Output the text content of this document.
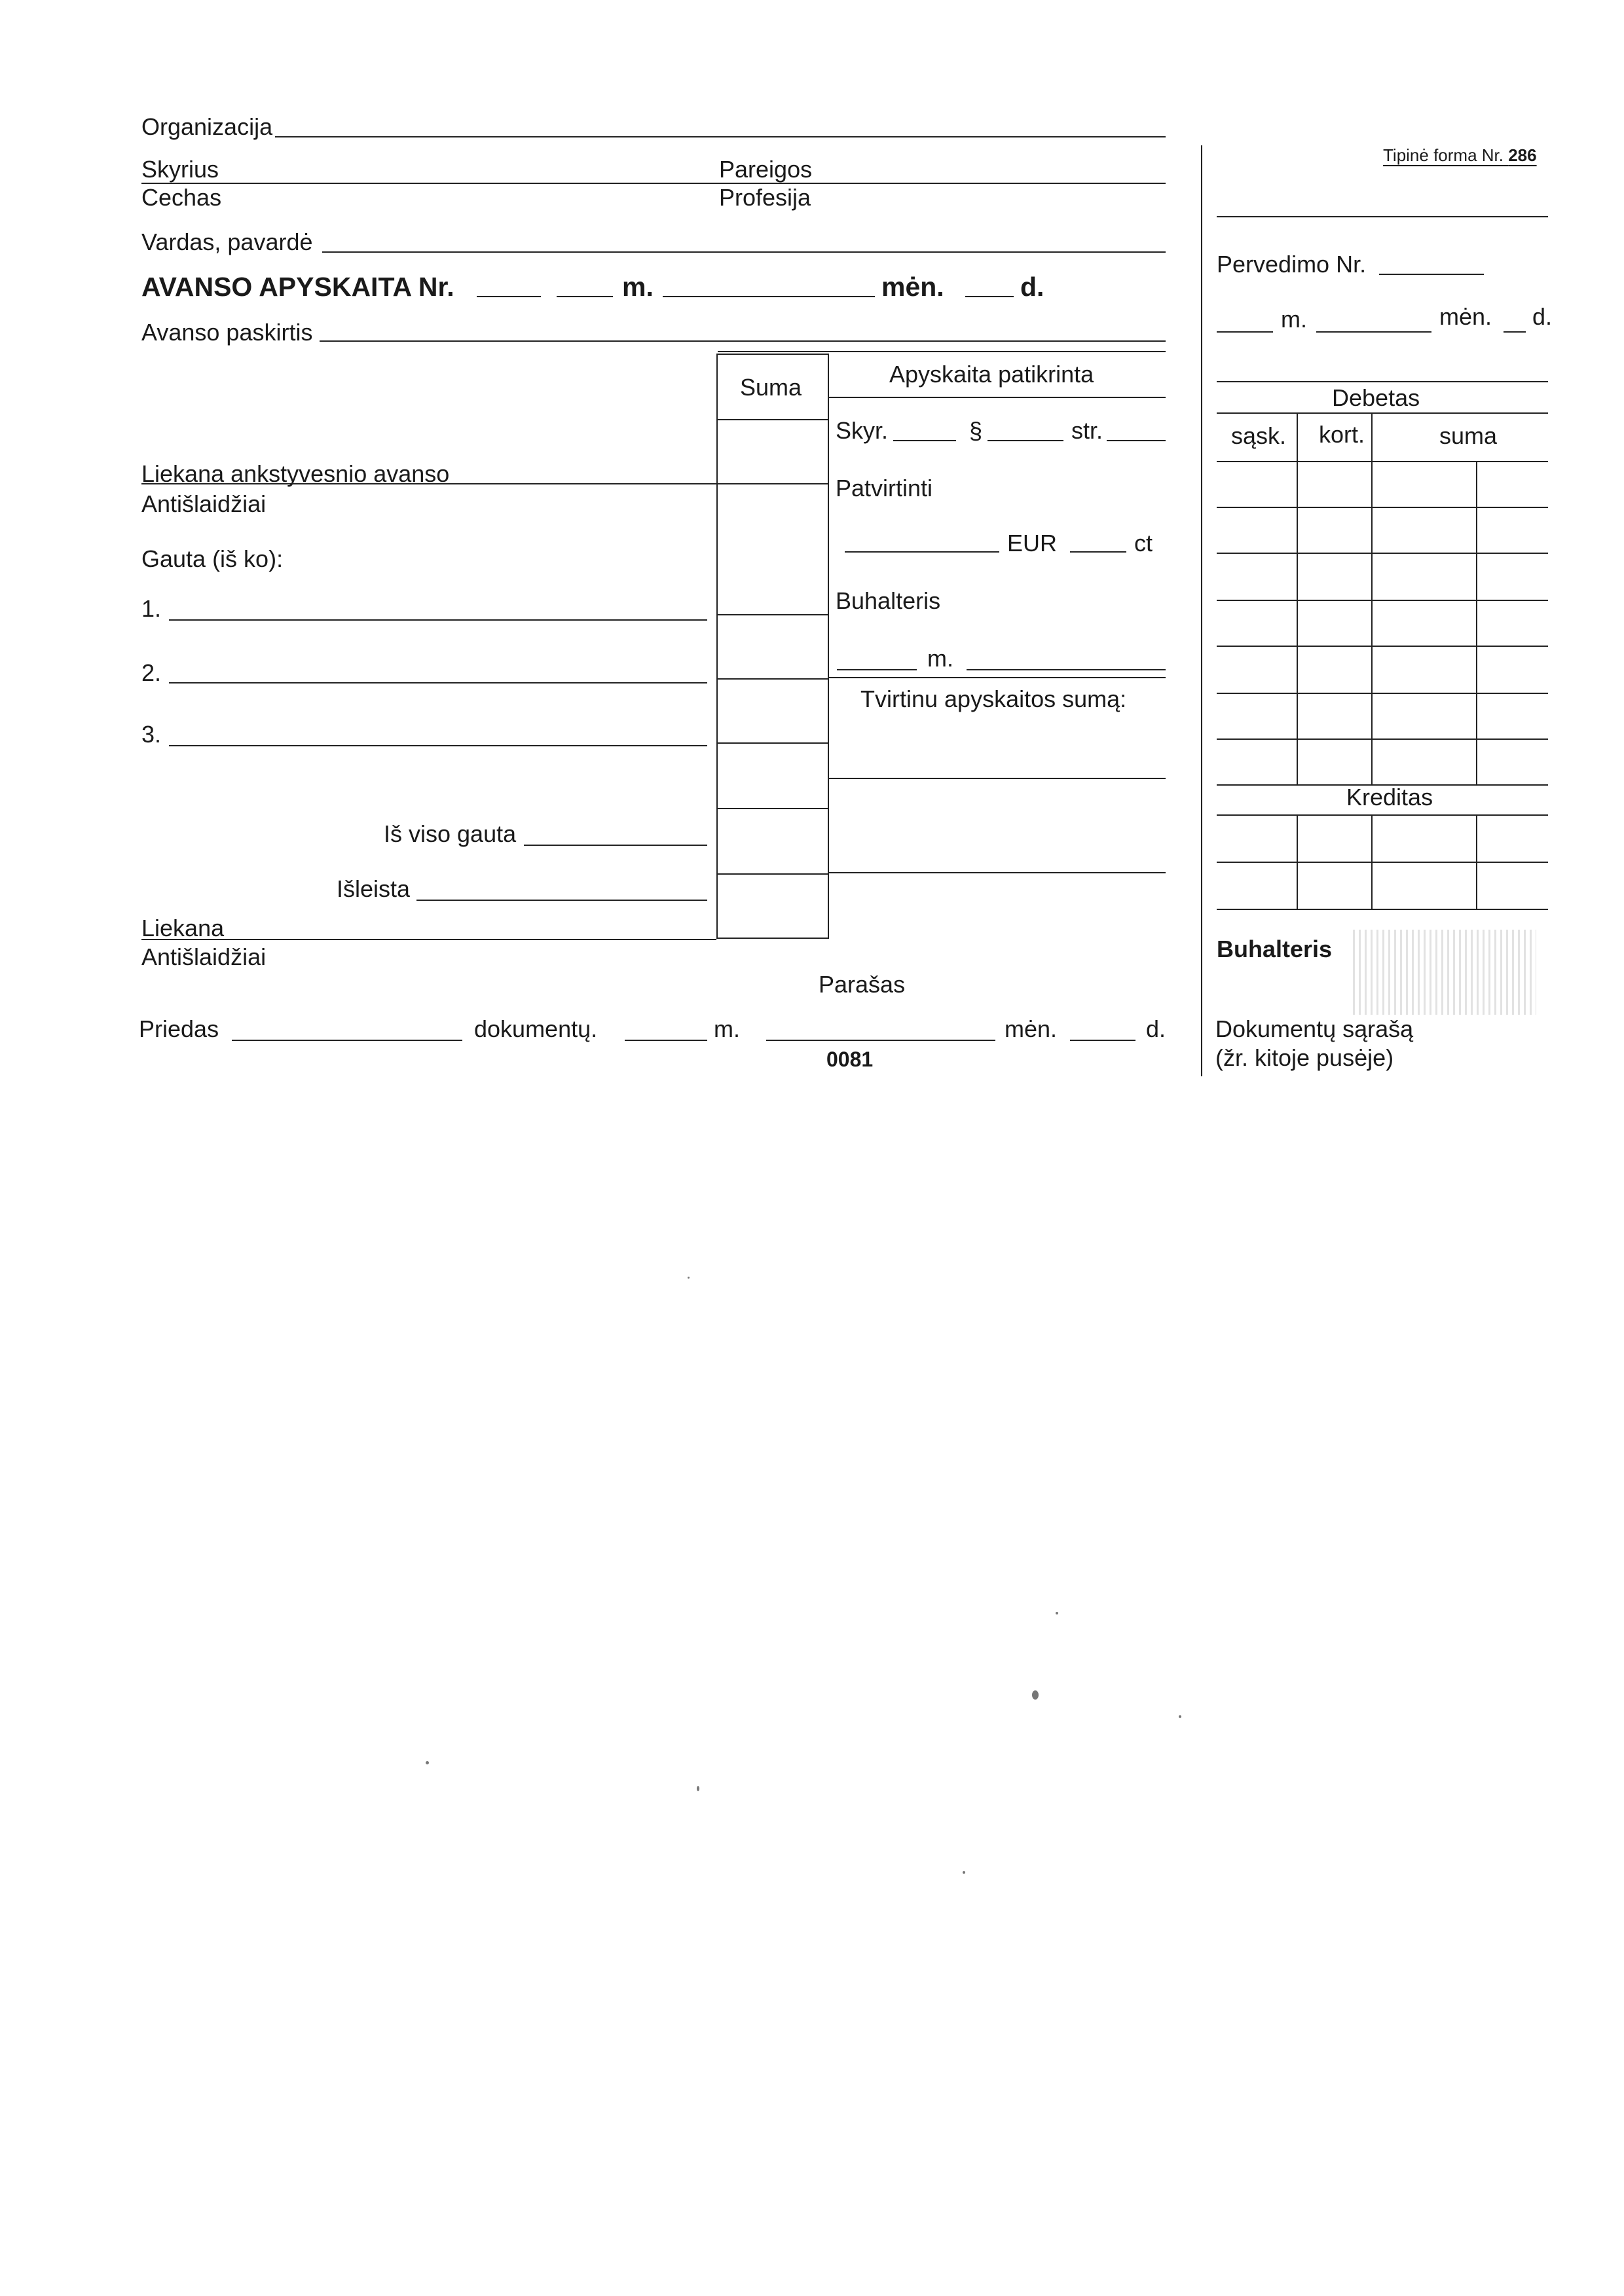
Organizacija
Skyrius
Cechas
Pareigos
Profesija
Vardas, pavardė
AVANSO APYSKAITA Nr.	m.	mėn.	d.
Avanso paskirtis
Suma
Liekana ankstyvesnio avanso
Antišlaidžiai
Gauta (iš ko):
1.
2.
3.
Iš viso gauta
Išleista
Liekana
Antišlaidžiai
Apyskaita patikrinta
Skyr.	§	str.
Patvirtinti
EUR	ct
Buhalteris
m.
Tvirtinu apyskaitos sumą:
Parašas
Priedas	dokumentų.	m.	mėn.	d.
0081
Tipinė forma Nr. 286
Pervedimo Nr.
m.	mėn. d.
Debetas
sąsk. kort.	suma
Kreditas
Buhalteris
Dokumentų sąrašą
(žr. kitoje pusėje)
